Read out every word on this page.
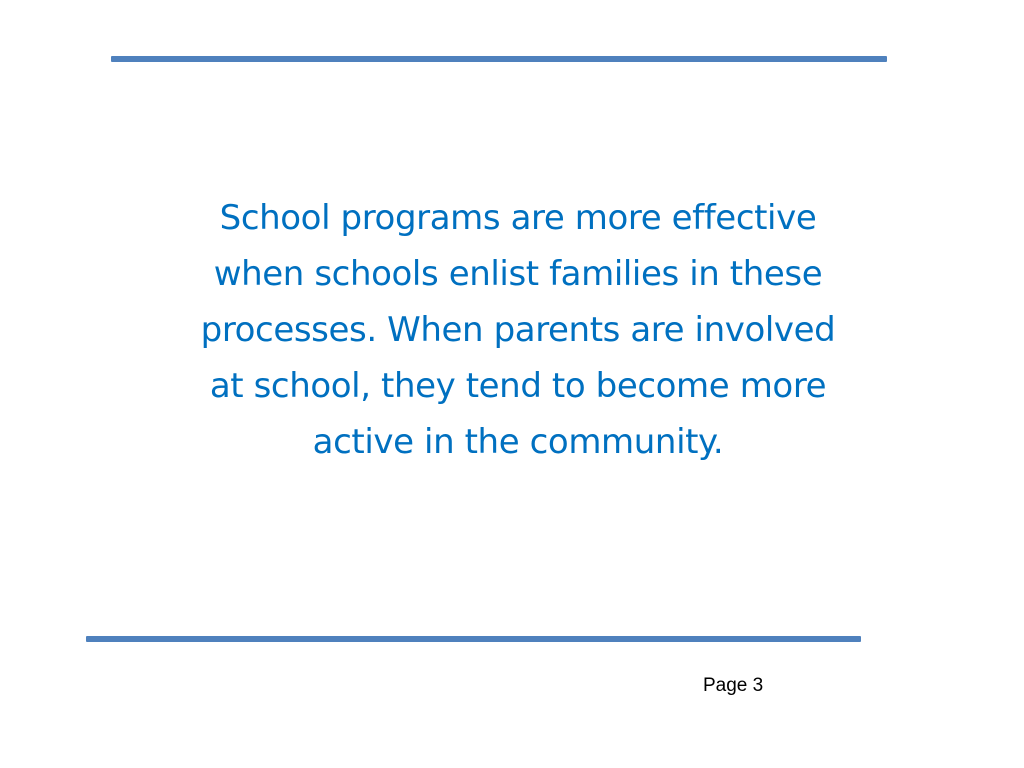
School programs are more effective
when schools enlist families in these
processes. When parents are involved
at school, they tend to become more
active in the community.

Page 3
